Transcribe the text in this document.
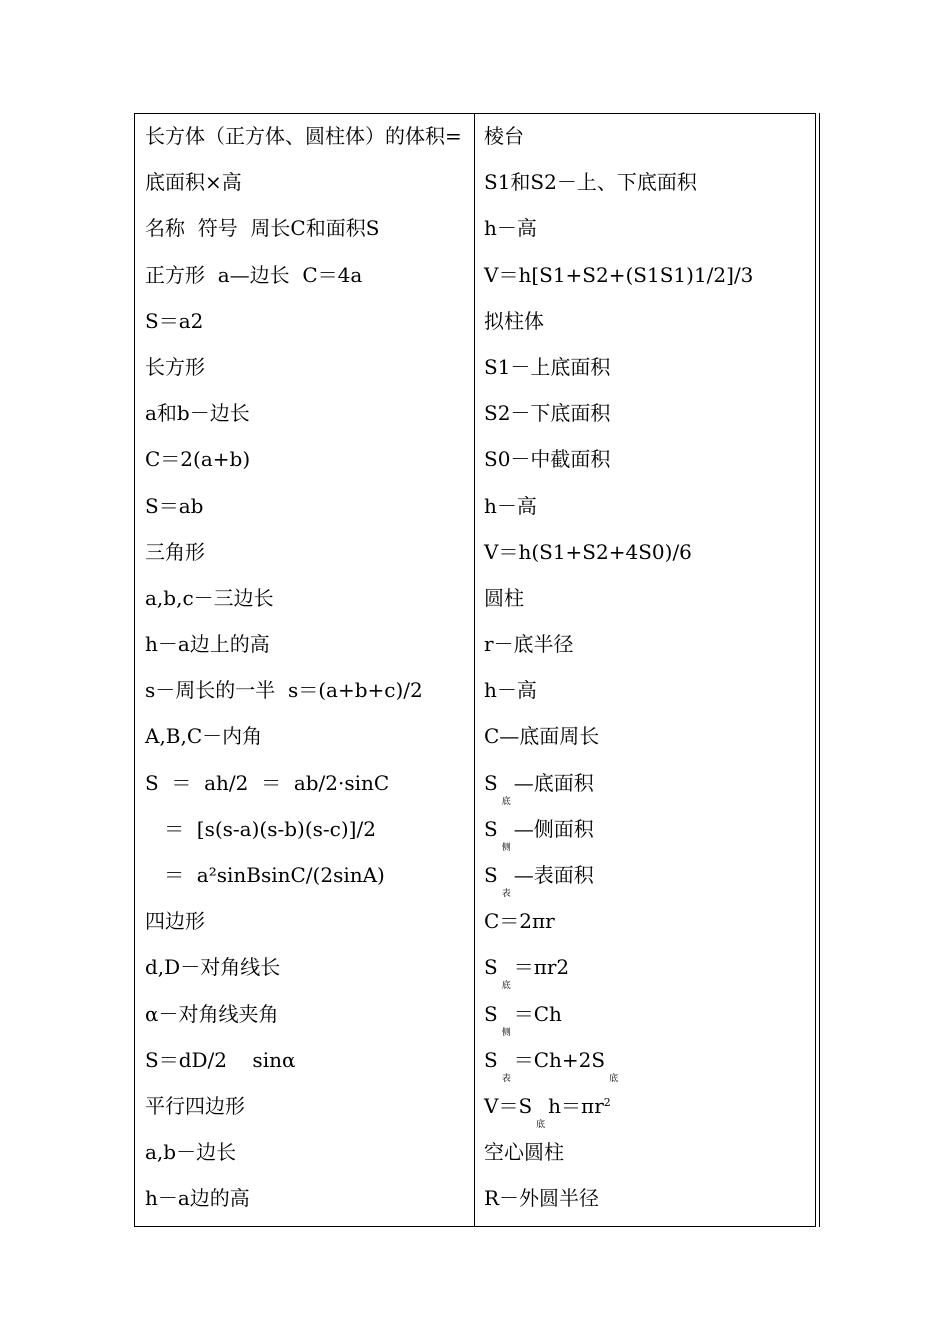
长方体（正方体、圆柱体）的体积=
底面积×高
名称  符号  周长C和面积S
正方形  a—边长  C＝4a
S＝a2
长方形
a和b－边长
C＝2(a+b)
S＝ab
三角形
a,b,c－三边长
h－a边上的高
s－周长的一半  s＝(a+b+c)/2
A,B,C－内角
S  ＝  ah/2  ＝  ab/2·sinC
＝  [s(s-a)(s-b)(s-c)]/2
＝  a²sinBsinC/(2sinA)
四边形
d,D－对角线长
α－对角线夹角
S＝dD/2    sinα
平行四边形
a,b－边长
h－a边的高
棱台
S1和S2－上、下底面积
h－高
V＝h[S1+S2+(S1S1)1/2]/3
拟柱体
S1－上底面积
S2－下底面积
S0－中截面积
h－高
V＝h(S1+S2+4S0)/6
圆柱
r－底半径
h－高
C—底面周长
$S_底—$底面积
$S_侧—$侧面积
$S_表—$表面积
C＝2πr
$S_底=\pi r2$
$S_侧=Ch$
$S_表=Ch+2S_底$
$V=S_底h=\pi r^2$
空心圆柱
R－外圆半径
